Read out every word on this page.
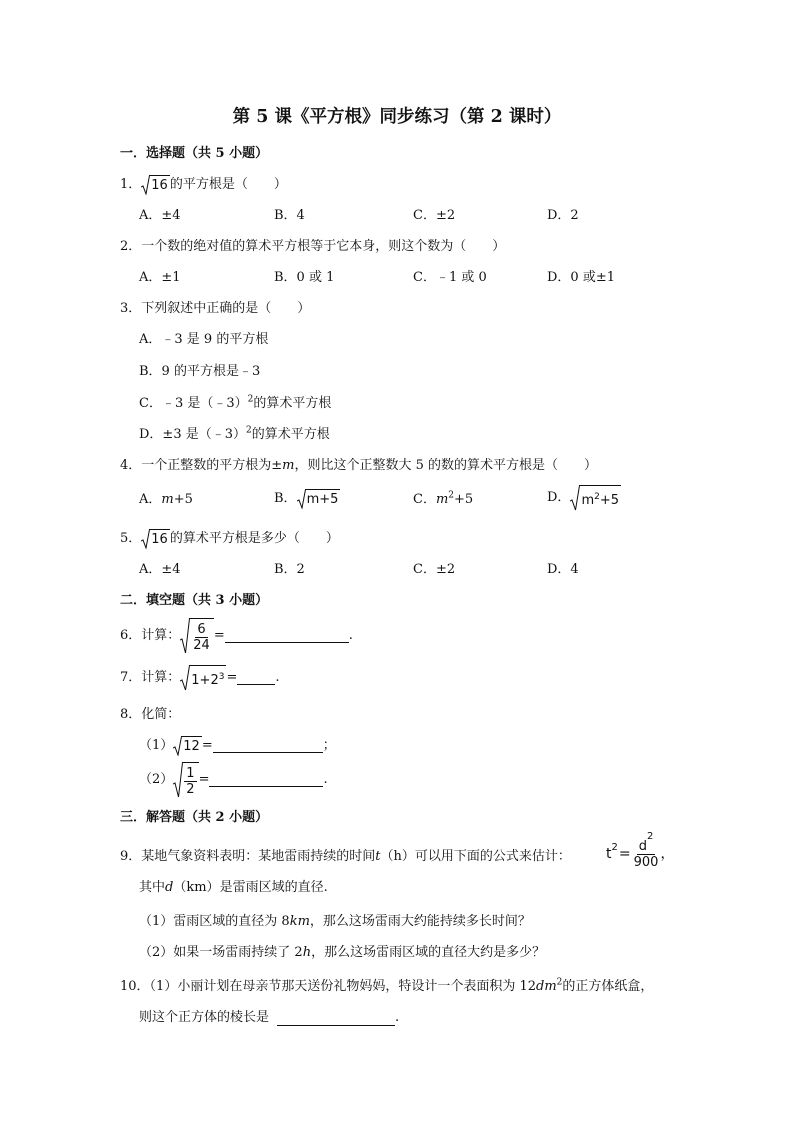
第 5 课《平方根》同步练习（第 2 课时）
一．选择题（共 5 小题）
1． 16 的平方根是（　　）
A．±4	B．4	C．±2	D．2
2．一个数的绝对值的算术平方根等于它本身，则这个数为（　　）
A．±1	B．0 或 1	C．﹣1 或 0	D．0 或±1
3．下列叙述中正确的是（　　）
A．﹣3 是 9 的平方根
B．9 的平方根是﹣3
C．﹣3 是（﹣3）$^2$的算术平方根
D．±3 是（﹣3）$^2$的算术平方根
4．一个正整数的平方根为±m，则比这个正整数大 5 的数的算术平方根是（　　）
A．m+5	B． m+5	C．$m^2+5$	D． $m^2 +5$
5． 16 的算术平方根是多少（　　）
A．±4	B．2	C．±2	D．4
二．填空题（共 3 小题）
6．计算： $\frac{6}{24}$ =	.
7．计算： $1+2^3$ =	.
8．化简：
（1） 12 =	；
$(2) \frac{1}{2}$ =	.
三．解答题（共 2 小题）
9．某地气象资料表明：某地雷雨持续的时间t（h）可以用下面的公式来估计：	$t^2 = \frac{d^2}{900}$ ，
其中d（km）是雷雨区域的直径.
（1）雷雨区域的直径为 8km，那么这场雷雨大约能持续多长时间？
（2）如果一场雷雨持续了 2h，那么这场雷雨区域的直径大约是多少？
10．（1）小丽计划在母亲节那天送份礼物妈妈，特设计一个表面积为 $12dm^2$的正方体纸盒，
则这个正方体的棱长是	.
